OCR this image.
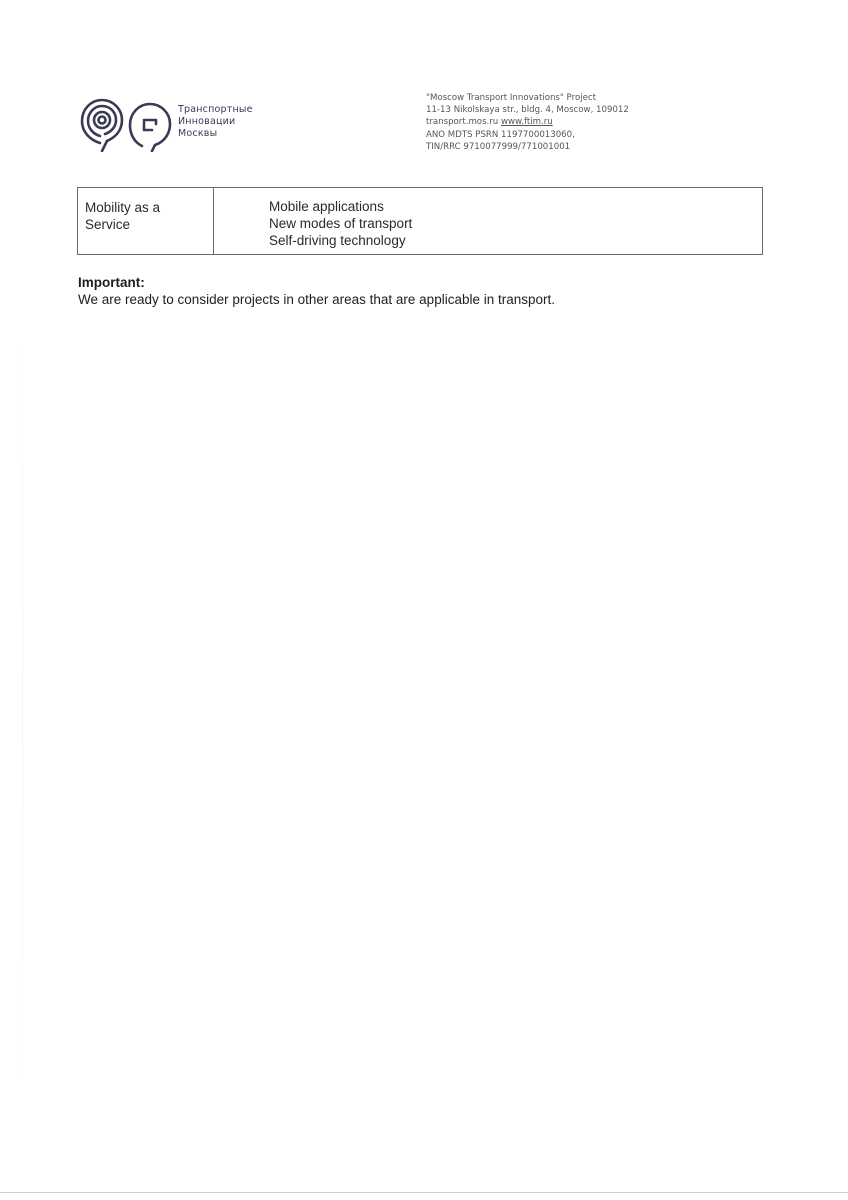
Транспортные
Инновации
Москвы
"Moscow Transport Innovations" Project
11-13 Nikolskaya str., bldg. 4, Moscow, 109012
transport.mos.ru www.ftim.ru
ANO MDTS PSRN 1197700013060,
TIN/RRC 9710077999/771001001
Mobility as a
Service
Mobile applications
New modes of transport
Self-driving technology
Important:
We are ready to consider projects in other areas that are applicable in transport.
